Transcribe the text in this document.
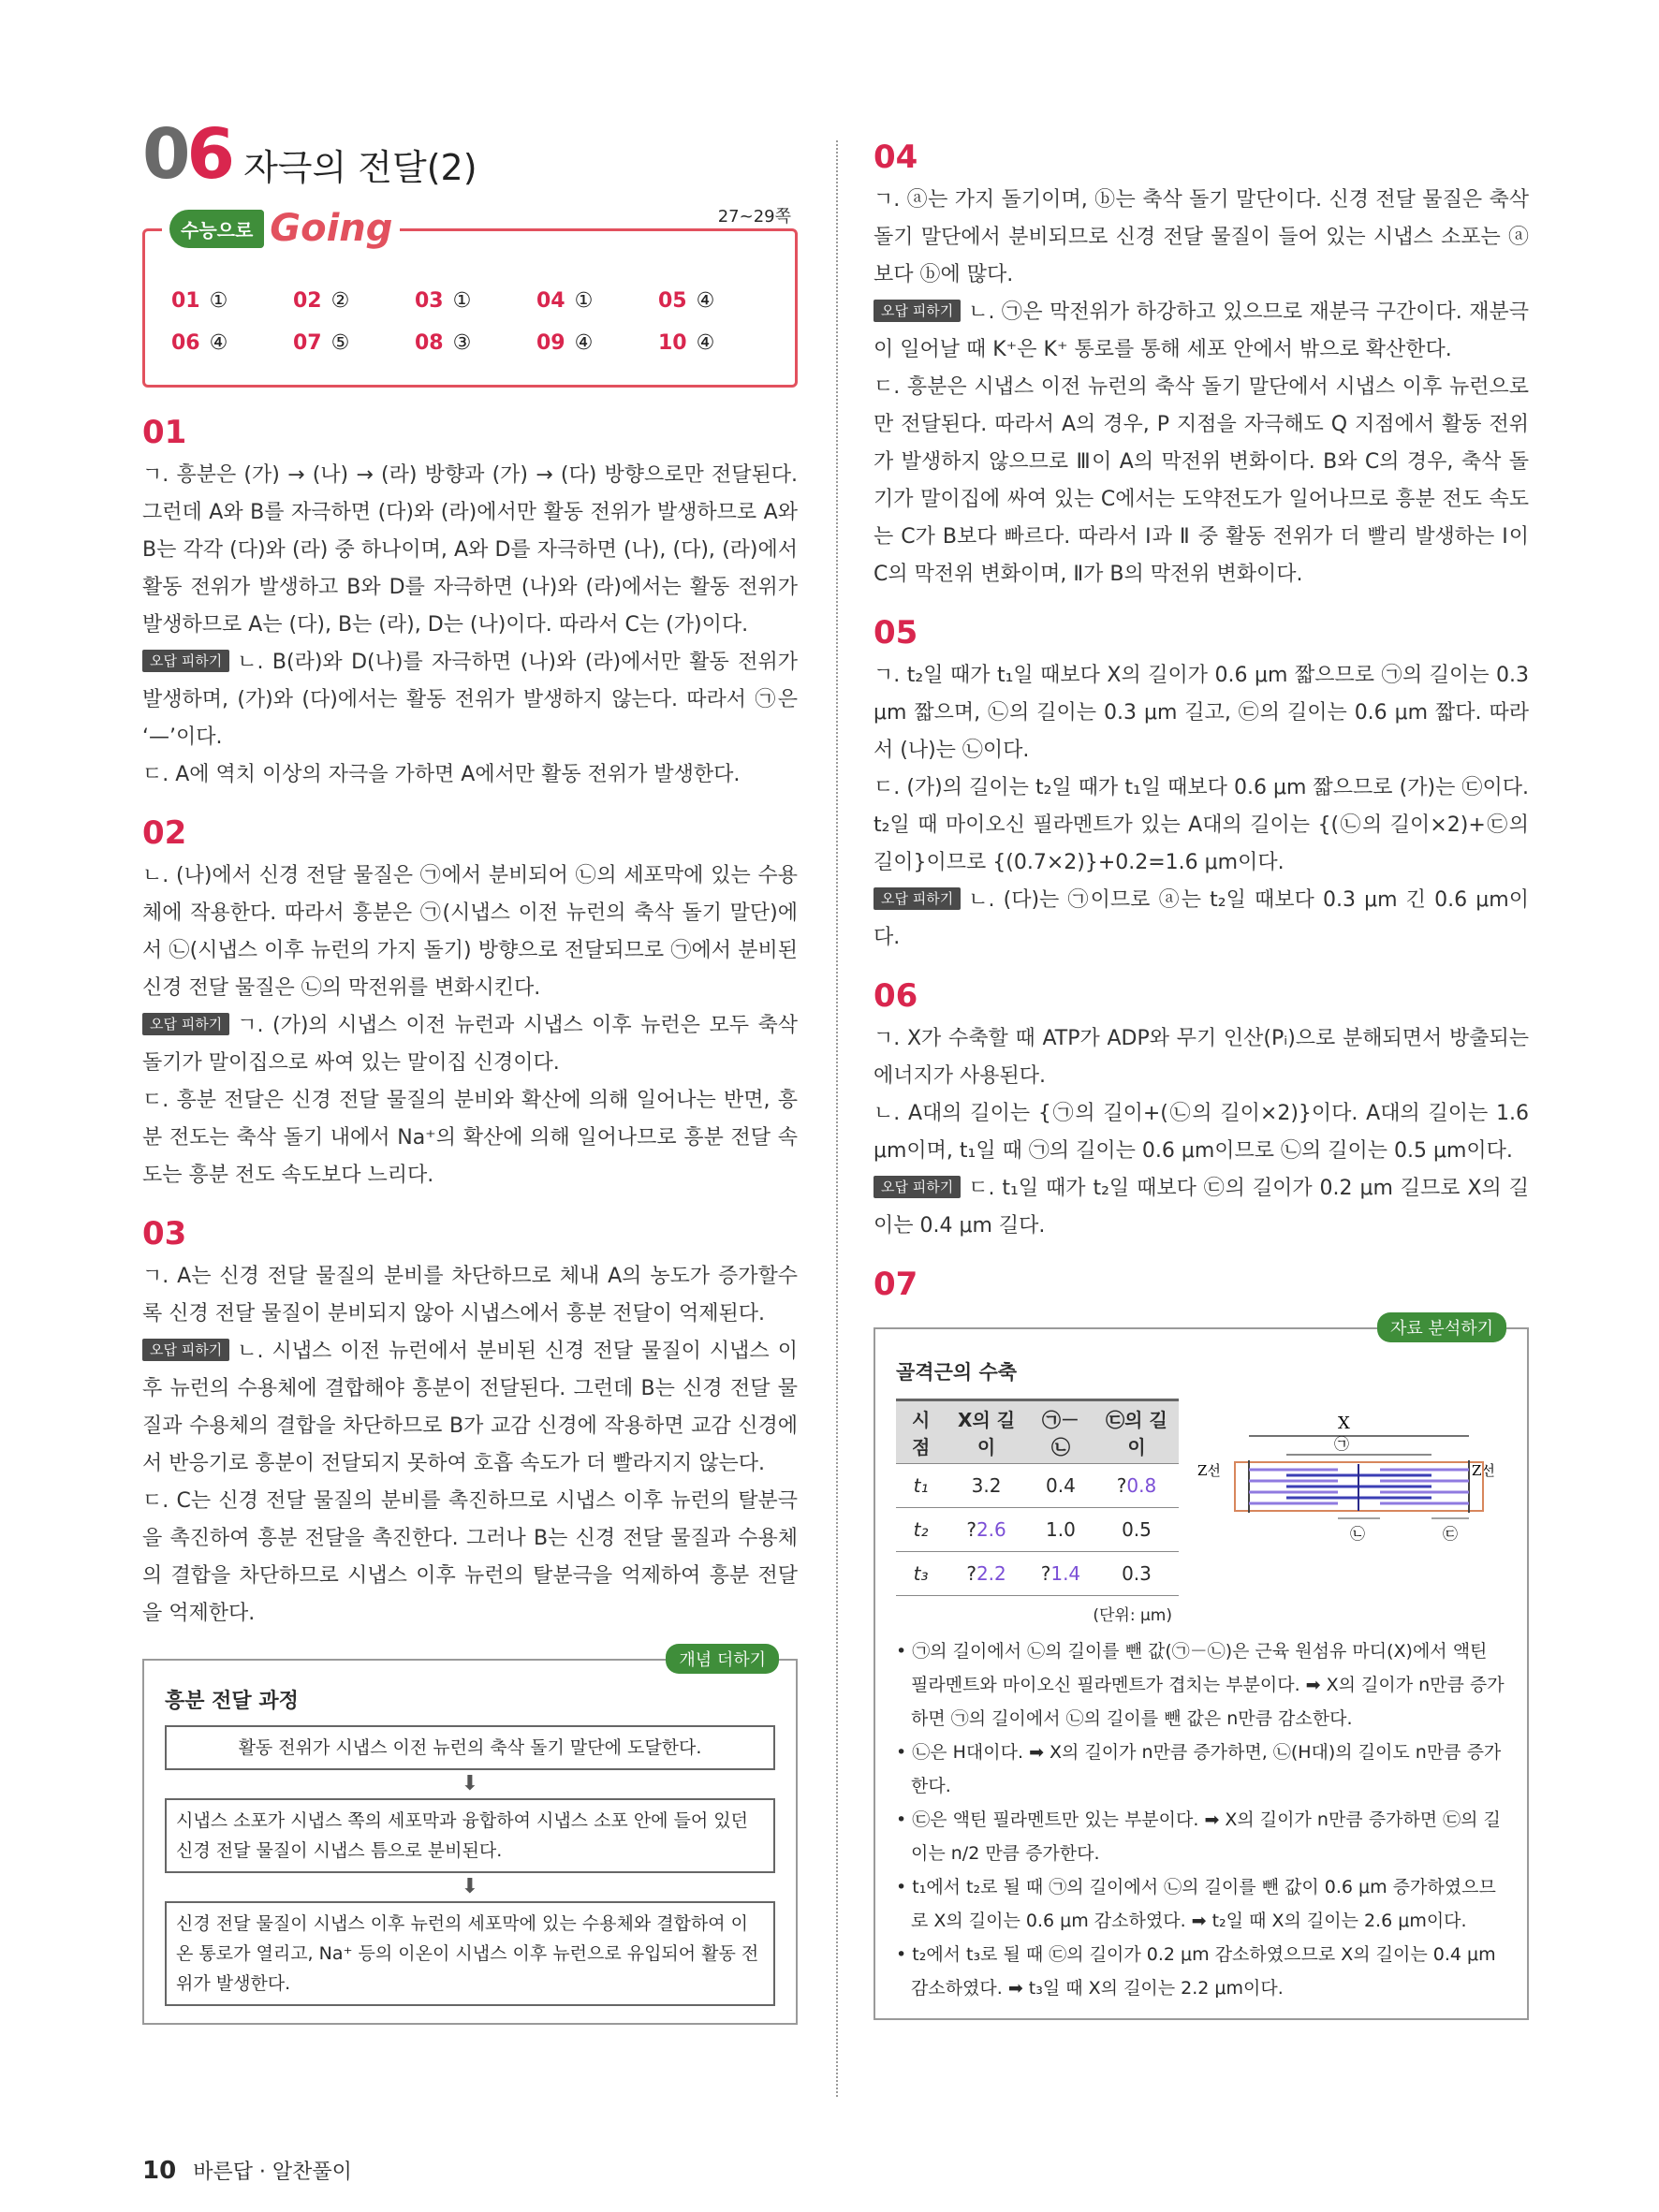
06 자극의 전달(2)
수능으로 Going	27~29쪽
01 ①	02 ②	03 ①	04 ①	05 ④
06 ④	07 ⑤	08 ③	09 ④	10 ④
01

ㄱ. 흥분은 (가) → (나) → (라) 방향과 (가) → (다) 방향으로만 전달된다. 그런데 A와 B를 자극하면 (다)와 (라)에서만 활동 전위가 발생하므로 A와 B는 각각 (다)와 (라) 중 하나이며, A와 D를 자극하면 (나), (다), (라)에서 활동 전위가 발생하고 B와 D를 자극하면 (나)와 (라)에서는 활동 전위가 발생하므로 A는 (다), B는 (라), D는 (나)이다. 따라서 C는 (가)이다.

오답 피하기 ㄴ. B(라)와 D(나)를 자극하면 (나)와 (라)에서만 활동 전위가 발생하며, (가)와 (다)에서는 활동 전위가 발생하지 않는다. 따라서 ㉠은 ‘—’이다.

ㄷ. A에 역치 이상의 자극을 가하면 A에서만 활동 전위가 발생한다.

02

ㄴ. (나)에서 신경 전달 물질은 ㉠에서 분비되어 ㉡의 세포막에 있는 수용체에 작용한다. 따라서 흥분은 ㉠(시냅스 이전 뉴런의 축삭 돌기 말단)에서 ㉡(시냅스 이후 뉴런의 가지 돌기) 방향으로 전달되므로 ㉠에서 분비된 신경 전달 물질은 ㉡의 막전위를 변화시킨다.

오답 피하기 ㄱ. (가)의 시냅스 이전 뉴런과 시냅스 이후 뉴런은 모두 축삭 돌기가 말이집으로 싸여 있는 말이집 신경이다.

ㄷ. 흥분 전달은 신경 전달 물질의 분비와 확산에 의해 일어나는 반면, 흥분 전도는 축삭 돌기 내에서 Na⁺의 확산에 의해 일어나므로 흥분 전달 속도는 흥분 전도 속도보다 느리다.

03

ㄱ. A는 신경 전달 물질의 분비를 차단하므로 체내 A의 농도가 증가할수록 신경 전달 물질이 분비되지 않아 시냅스에서 흥분 전달이 억제된다.

오답 피하기 ㄴ. 시냅스 이전 뉴런에서 분비된 신경 전달 물질이 시냅스 이후 뉴런의 수용체에 결합해야 흥분이 전달된다. 그런데 B는 신경 전달 물질과 수용체의 결합을 차단하므로 B가 교감 신경에 작용하면 교감 신경에서 반응기로 흥분이 전달되지 못하여 호흡 속도가 더 빨라지지 않는다.

ㄷ. C는 신경 전달 물질의 분비를 촉진하므로 시냅스 이후 뉴런의 탈분극을 촉진하여 흥분 전달을 촉진한다. 그러나 B는 신경 전달 물질과 수용체의 결합을 차단하므로 시냅스 이후 뉴런의 탈분극을 억제하여 흥분 전달을 억제한다.

개념 더하기
흥분 전달 과정
활동 전위가 시냅스 이전 뉴런의 축삭 돌기 말단에 도달한다.
⬇
시냅스 소포가 시냅스 쪽의 세포막과 융합하여 시냅스 소포 안에 들어 있던 신경 전달 물질이 시냅스 틈으로 분비된다.
⬇
신경 전달 물질이 시냅스 이후 뉴런의 세포막에 있는 수용체와 결합하여 이온 통로가 열리고, Na⁺ 등의 이온이 시냅스 이후 뉴런으로 유입되어 활동 전위가 발생한다.
04

ㄱ. ⓐ는 가지 돌기이며, ⓑ는 축삭 돌기 말단이다. 신경 전달 물질은 축삭 돌기 말단에서 분비되므로 신경 전달 물질이 들어 있는 시냅스 소포는 ⓐ보다 ⓑ에 많다.

오답 피하기 ㄴ. ㉠은 막전위가 하강하고 있으므로 재분극 구간이다. 재분극이 일어날 때 K⁺은 K⁺ 통로를 통해 세포 안에서 밖으로 확산한다.

ㄷ. 흥분은 시냅스 이전 뉴런의 축삭 돌기 말단에서 시냅스 이후 뉴런으로만 전달된다. 따라서 A의 경우, P 지점을 자극해도 Q 지점에서 활동 전위가 발생하지 않으므로 Ⅲ이 A의 막전위 변화이다. B와 C의 경우, 축삭 돌기가 말이집에 싸여 있는 C에서는 도약전도가 일어나므로 흥분 전도 속도는 C가 B보다 빠르다. 따라서 Ⅰ과 Ⅱ 중 활동 전위가 더 빨리 발생하는 Ⅰ이 C의 막전위 변화이며, Ⅱ가 B의 막전위 변화이다.

05

ㄱ. t₂일 때가 t₁일 때보다 X의 길이가 0.6 μm 짧으므로 ㉠의 길이는 0.3 μm 짧으며, ㉡의 길이는 0.3 μm 길고, ㉢의 길이는 0.6 μm 짧다. 따라서 (나)는 ㉡이다.

ㄷ. (가)의 길이는 t₂일 때가 t₁일 때보다 0.6 μm 짧으므로 (가)는 ㉢이다. t₂일 때 마이오신 필라멘트가 있는 A대의 길이는 {(㉡의 길이×2)+㉢의 길이}이므로 {(0.7×2)}+0.2=1.6 μm이다.

오답 피하기 ㄴ. (다)는 ㉠이므로 ⓐ는 t₂일 때보다 0.3 μm 긴 0.6 μm이다.

06

ㄱ. X가 수축할 때 ATP가 ADP와 무기 인산(Pᵢ)으로 분해되면서 방출되는 에너지가 사용된다.

ㄴ. A대의 길이는 {㉠의 길이+(㉡의 길이×2)}이다. A대의 길이는 1.6 μm이며, t₁일 때 ㉠의 길이는 0.6 μm이므로 ㉡의 길이는 0.5 μm이다.

오답 피하기 ㄷ. t₁일 때가 t₂일 때보다 ㉢의 길이가 0.2 μm 길므로 X의 길이는 0.4 μm 길다.

07
자료 분석하기
골격근의 수축
시점	X의 길이	㉠－㉡	㉢의 길이
t₁	3.2	0.4	?0.8
t₂	?2.6	1.0	0.5
t₃	?2.2	?1.4	0.3
(단위: μm)
X
㉠
Z선	Z선
㉡	㉢
• ㉠의 길이에서 ㉡의 길이를 뺀 값(㉠－㉡)은 근육 원섬유 마디(X)에서 액틴 필라멘트와 마이오신 필라멘트가 겹치는 부분이다. ➡ X의 길이가 n만큼 증가하면 ㉠의 길이에서 ㉡의 길이를 뺀 값은 n만큼 감소한다.
• ㉡은 H대이다. ➡ X의 길이가 n만큼 증가하면, ㉡(H대)의 길이도 n만큼 증가한다.
• ㉢은 액틴 필라멘트만 있는 부분이다. ➡ X의 길이가 n만큼 증가하면 ㉢의 길이는 n/2 만큼 증가한다.
• t₁에서 t₂로 될 때 ㉠의 길이에서 ㉡의 길이를 뺀 값이 0.6 μm 증가하였으므로 X의 길이는 0.6 μm 감소하였다. ➡ t₂일 때 X의 길이는 2.6 μm이다.
• t₂에서 t₃로 될 때 ㉢의 길이가 0.2 μm 감소하였으므로 X의 길이는 0.4 μm 감소하였다. ➡ t₃일 때 X의 길이는 2.2 μm이다.
10 바른답 · 알찬풀이
